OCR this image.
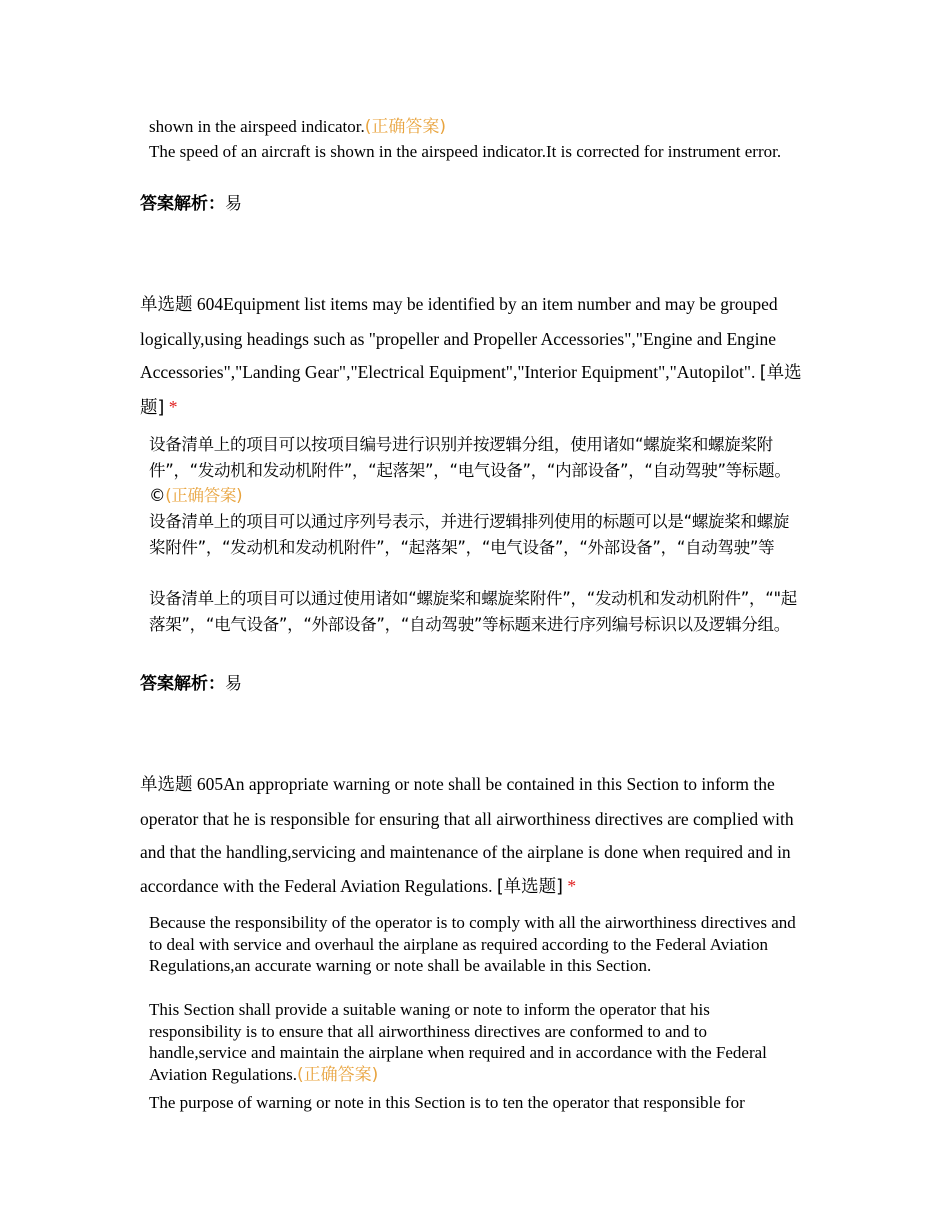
shown in the airspeed indicator.(正确答案)
The speed of an aircraft is shown in the airspeed indicator.It is corrected for instrument error.
答案解析：易
单选题 604Equipment list items may be identified by an item number and may be grouped logically,using headings such as "propeller and Propeller Accessories","Engine and Engine Accessories","Landing Gear","Electrical Equipment","Interior Equipment","Autopilot". [单选题] *
设备清单上的项目可以按项目编号进行识别并按逻辑分组，使用诸如“螺旋桨和螺旋桨附件”，“发动机和发动机附件”，“起落架”，“电气设备”，“内部设备”，“自动驾驶”等标题。©(正确答案)
设备清单上的项目可以通过序列号表示，并进行逻辑排列使用的标题可以是“螺旋桨和螺旋桨附件”，“发动机和发动机附件”，“起落架”，“电气设备”，“外部设备”，“自动驾驶”等
设备清单上的项目可以通过使用诸如“螺旋桨和螺旋桨附件”，“发动机和发动机附件”，“"起落架”，“电气设备”，“外部设备”，“自动驾驶”等标题来进行序列编号标识以及逻辑分组。
答案解析：易
单选题 605An appropriate warning or note shall be contained in this Section to inform the operator that he is responsible for ensuring that all airworthiness directives are complied with and that the handling,servicing and maintenance of the airplane is done when required and in accordance with the Federal Aviation Regulations. [单选题] *
Because the responsibility of the operator is to comply with all the airworthiness directives and to deal with service and overhaul the airplane as required according to the Federal Aviation Regulations,an accurate warning or note shall be available in this Section.
This Section shall provide a suitable waning or note to inform the operator that his responsibility is to ensure that all airworthiness directives are conformed to and to handle,service and maintain the airplane when required and in accordance with the Federal Aviation Regulations.(正确答案)
The purpose of warning or note in this Section is to ten the operator that responsible for
